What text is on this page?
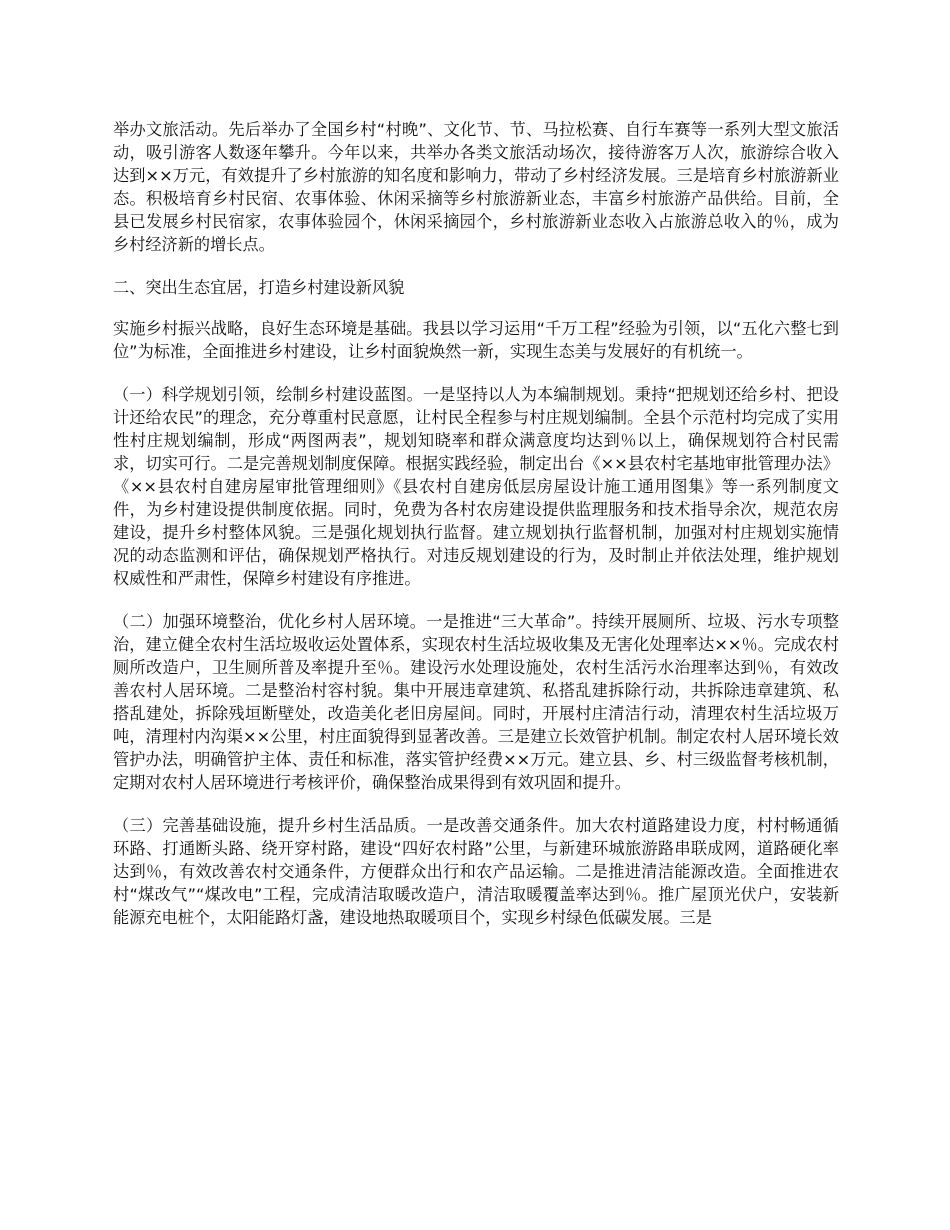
举办文旅活动。先后举办了全国乡村“村晚”、文化节、节、马拉松赛、自行车赛等一系列大型文旅活动，吸引游客人数逐年攀升。今年以来，共举办各类文旅活动场次，接待游客万人次，旅游综合收入达到××万元，有效提升了乡村旅游的知名度和影响力，带动了乡村经济发展。三是培育乡村旅游新业态。积极培育乡村民宿、农事体验、休闲采摘等乡村旅游新业态，丰富乡村旅游产品供给。目前，全县已发展乡村民宿家，农事体验园个，休闲采摘园个，乡村旅游新业态收入占旅游总收入的％，成为乡村经济新的增长点。

二、突出生态宜居，打造乡村建设新风貌

实施乡村振兴战略，良好生态环境是基础。我县以学习运用“千万工程”经验为引领，以“五化六整七到位”为标准，全面推进乡村建设，让乡村面貌焕然一新，实现生态美与发展好的有机统一。

（一）科学规划引领，绘制乡村建设蓝图。一是坚持以人为本编制规划。秉持“把规划还给乡村、把设计还给农民”的理念，充分尊重村民意愿，让村民全程参与村庄规划编制。全县个示范村均完成了实用性村庄规划编制，形成“两图两表”，规划知晓率和群众满意度均达到％以上，确保规划符合村民需求，切实可行。二是完善规划制度保障。根据实践经验，制定出台《××县农村宅基地审批管理办法》《××县农村自建房屋审批管理细则》《县农村自建房低层房屋设计施工通用图集》等一系列制度文件，为乡村建设提供制度依据。同时，免费为各村农房建设提供监理服务和技术指导余次，规范农房建设，提升乡村整体风貌。三是强化规划执行监督。建立规划执行监督机制，加强对村庄规划实施情况的动态监测和评估，确保规划严格执行。对违反规划建设的行为，及时制止并依法处理，维护规划权威性和严肃性，保障乡村建设有序推进。

（二）加强环境整治，优化乡村人居环境。一是推进“三大革命”。持续开展厕所、垃圾、污水专项整治，建立健全农村生活垃圾收运处置体系，实现农村生活垃圾收集及无害化处理率达××％。完成农村厕所改造户，卫生厕所普及率提升至％。建设污水处理设施处，农村生活污水治理率达到％，有效改善农村人居环境。二是整治村容村貌。集中开展违章建筑、私搭乱建拆除行动，共拆除违章建筑、私搭乱建处，拆除残垣断壁处，改造美化老旧房屋间。同时，开展村庄清洁行动，清理农村生活垃圾万吨，清理村内沟渠××公里，村庄面貌得到显著改善。三是建立长效管护机制。制定农村人居环境长效管护办法，明确管护主体、责任和标准，落实管护经费××万元。建立县、乡、村三级监督考核机制，定期对农村人居环境进行考核评价，确保整治成果得到有效巩固和提升。

（三）完善基础设施，提升乡村生活品质。一是改善交通条件。加大农村道路建设力度，村村畅通循环路、打通断头路、绕开穿村路，建设“四好农村路”公里，与新建环城旅游路串联成网，道路硬化率达到％，有效改善农村交通条件，方便群众出行和农产品运输。二是推进清洁能源改造。全面推进农村“煤改气”“煤改电”工程，完成清洁取暖改造户，清洁取暖覆盖率达到％。推广屋顶光伏户，安装新能源充电桩个，太阳能路灯盏，建设地热取暖项目个，实现乡村绿色低碳发展。三是
